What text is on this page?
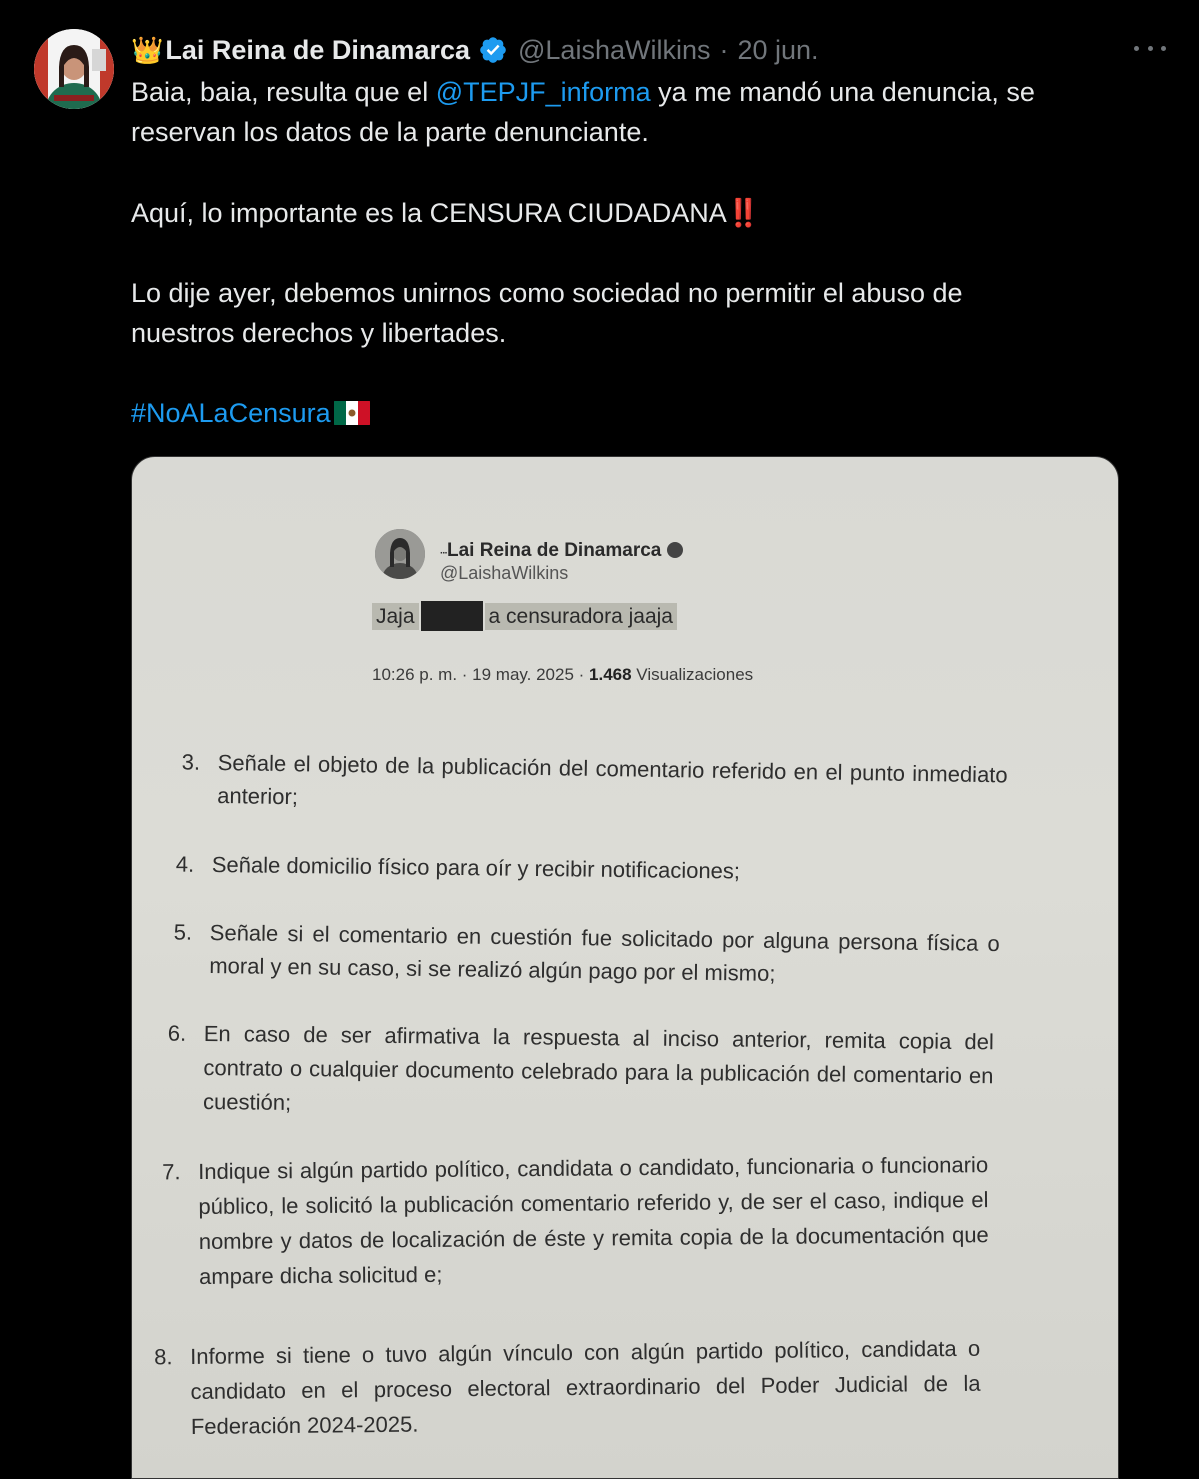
👑 Lai Reina de Dinamarca @LaishaWilkins · 20 jun.
Baia, baia, resulta que el @TEPJF_informa ya me mandó una denuncia, se
reservan los datos de la parte denunciante.
Aquí, lo importante es la CENSURA CIUDADANA‼️
Lo dije ayer, debemos unirnos como sociedad no permitir el abuso de
nuestros derechos y libertades.
#NoALaCensura
···Lai Reina de Dinamarca
@LaishaWilkins
Jaja	a censuradora jaaja
10:26 p. m. · 19 may. 2025 · 1.468 Visualizaciones
3. Señale el objeto de la publicación del comentario referido en el punto inmediato anterior;
4. Señale domicilio físico para oír y recibir notificaciones;
5. Señale si el comentario en cuestión fue solicitado por alguna persona física o moral y en su caso, si se realizó algún pago por el mismo;
6. En caso de ser afirmativa la respuesta al inciso anterior, remita copia del contrato o cualquier documento celebrado para la publicación del comentario en cuestión;
7. Indique si algún partido político, candidata o candidato, funcionaria o funcionario público, le solicitó la publicación comentario referido y, de ser el caso, indique el nombre y datos de localización de éste y remita copia de la documentación que ampare dicha solicitud e;
8. Informe si tiene o tuvo algún vínculo con algún partido político, candidata o candidato en el proceso electoral extraordinario del Poder Judicial de la Federación 2024-2025.
